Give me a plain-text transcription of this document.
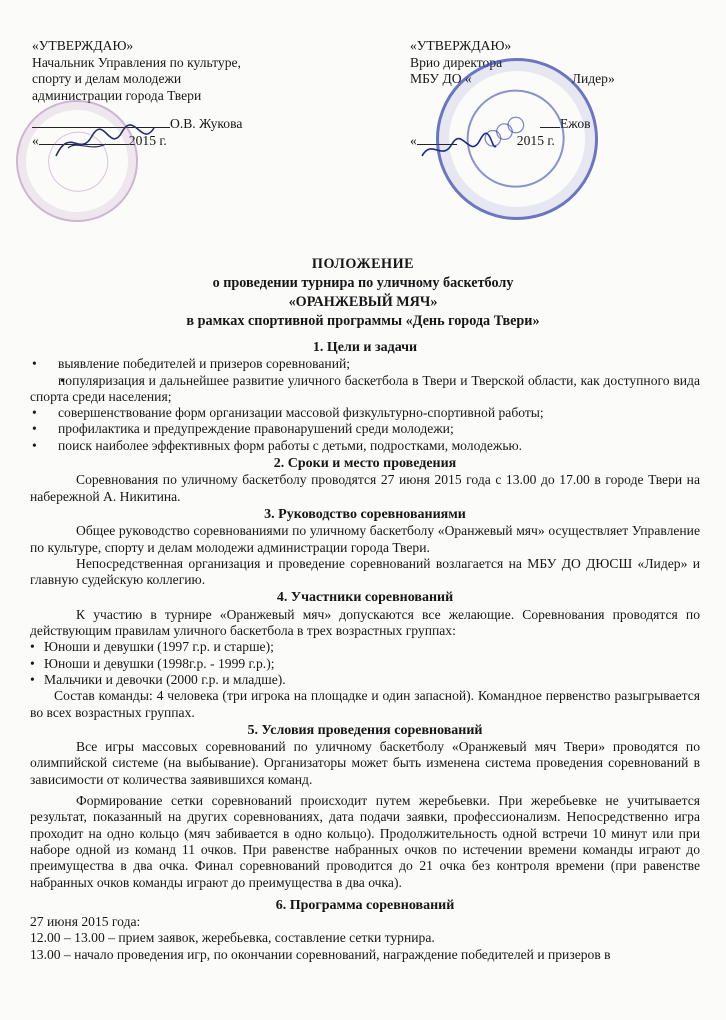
«УТВЕРЖДАЮ»
Начальник Управления по культуре,
спорту и делам молодежи
администрации города Твери
О.В. Жукова
«	2015 г.
«УТВЕРЖДАЮ»
Врио директора
МБУ ДО «	Лидер»
Ежов
«	2015 г.
○○○
ПОЛОЖЕНИЕ
о проведении турнира по уличному баскетболу
«ОРАНЖЕВЫЙ МЯЧ»
в рамках спортивной программы «День города Твери»
1. Цели и задачи
• выявление победителей и призеров соревнований;
• популяризация и дальнейшее развитие уличного баскетбола в Твери и Тверской области, как доступного вида спорта среди населения;
• совершенствование форм организации массовой физкультурно-спортивной работы;
• профилактика и предупреждение правонарушений среди молодежи;
• поиск наиболее эффективных форм работы с детьми, подростками, молодежью.
2. Сроки и место проведения

Соревнования по уличному баскетболу проводятся 27 июня 2015 года с 13.00 до 17.00 в городе Твери на набережной А. Никитина.

3. Руководство соревнованиями

Общее руководство соревнованиями по уличному баскетболу «Оранжевый мяч» осуществляет Управление по культуре, спорту и делам молодежи администрации города Твери.

Непосредственная организация и проведение соревнований возлагается на МБУ ДО ДЮСШ «Лидер» и главную судейскую коллегию.

4. Участники соревнований

К участию в турнире «Оранжевый мяч» допускаются все желающие. Соревнования проводятся по действующим правилам уличного баскетбола в трех возрастных группах:

• Юноши и девушки (1997 г.р. и старше);
• Юноши и девушки (1998г.р. - 1999 г.р.);
• Мальчики и девочки (2000 г.р. и младше).

Состав команды: 4 человека (три игрока на площадке и один запасной). Командное первенство разыгрывается во всех возрастных группах.

5. Условия проведения соревнований

Все игры массовых соревнований по уличному баскетболу «Оранжевый мяч Твери» проводятся по олимпийской системе (на выбывание). Организаторы может быть изменена система проведения соревнований в зависимости от количества заявившихся команд.

Формирование сетки соревнований происходит путем жеребьевки. При жеребьевке не учитывается результат, показанный на других соревнованиях, дата подачи заявки, профессионализм. Непосредственно игра проходит на одно кольцо (мяч забивается в одно кольцо). Продолжительность одной встречи 10 минут или при наборе одной из команд 11 очков. При равенстве набранных очков по истечении времени команды играют до преимущества в два очка. Финал соревнований проводится до 21 очка без контроля времени (при равенстве набранных очков команды играют до преимущества в два очка).

6. Программа соревнований
27 июня 2015 года:
12.00 – 13.00 – прием заявок, жеребьевка, составление сетки турнира.
13.00 – начало проведения игр, по окончании соревнований, награждение победителей и призеров в
